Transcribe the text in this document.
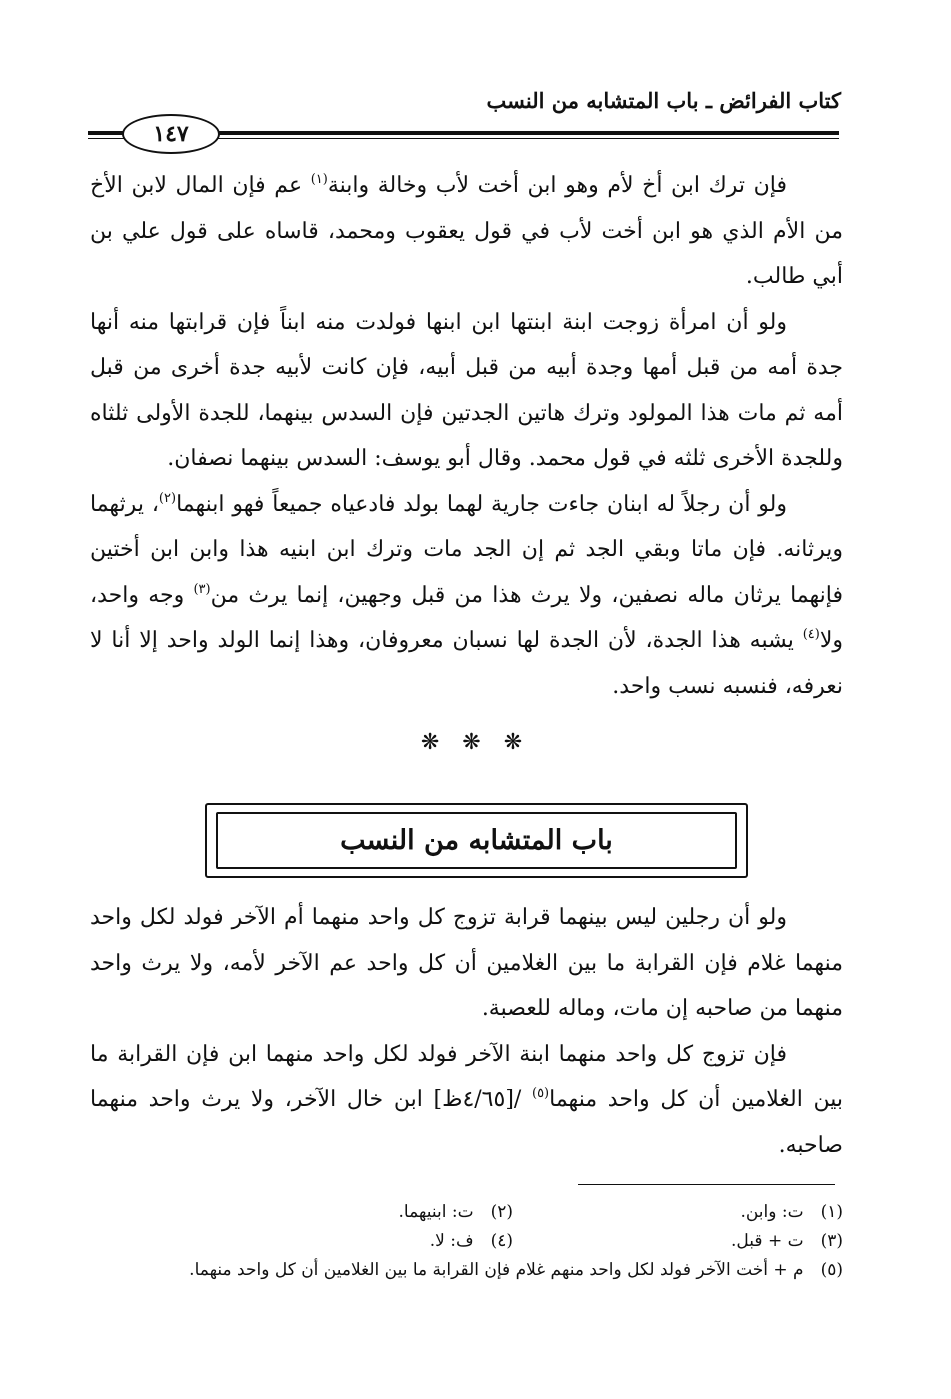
كتاب الفرائض ـ باب المتشابه من النسب
١٤٧

فإن ترك ابن أخ لأم وهو ابن أخت لأب وخالة وابنة$^{(١)}$ عم فإن المال لابن الأخ من الأم الذي هو ابن أخت لأب في قول يعقوب ومحمد، قاساه على قول علي بن أبي طالب.

ولو أن امرأة زوجت ابنة ابنتها ابن ابنها فولدت منه ابناً فإن قرابتها منه أنها جدة أمه من قبل أمها وجدة أبيه من قبل أبيه، فإن كانت لأبيه جدة أخرى من قبل أمه ثم مات هذا المولود وترك هاتين الجدتين فإن السدس بينهما، للجدة الأولى ثلثاه وللجدة الأخرى ثلثه في قول محمد. وقال أبو يوسف: السدس بينهما نصفان.

ولو أن رجلاً له ابنان جاءت جارية لهما بولد فادعياه جميعاً فهو ابنهما$^{(٢)}$، يرثهما ويرثانه. فإن ماتا وبقي الجد ثم إن الجد مات وترك ابن ابنيه هذا وابن ابن أختين فإنهما يرثان ماله نصفين، ولا يرث هذا من قبل وجهين، إنما يرث من$^{(٣)}$ وجه واحد، ولا$^{(٤)}$ يشبه هذا الجدة، لأن الجدة لها نسبان معروفان، وهذا إنما الولد واحد إلا أنا لا نعرفه، فنسبه نسب واحد.

❋ ❋ ❋
باب المتشابه من النسب

ولو أن رجلين ليس بينهما قرابة تزوج كل واحد منهما أم الآخر فولد لكل واحد منهما غلام فإن القرابة ما بين الغلامين أن كل واحد عم الآخر لأمه، ولا يرث واحد منهما من صاحبه إن مات، وماله للعصبة.

فإن تزوج كل واحد منهما ابنة الآخر فولد لكل واحد منهما ابن فإن القرابة ما بين الغلامين أن كل واحد منهما$^{(٥)}$ /[٤/٦٥ظ] ابن خال الآخر، ولا يرث واحد منهما صاحبه.

(١) ت: وابن.
(٢) ت: ابنيهما.
(٣) ت + قبل.
(٤) ف: لا.
(٥) م + أخت الآخر فولد لكل واحد منهم غلام فإن القرابة ما بين الغلامين أن كل واحد منهما.
